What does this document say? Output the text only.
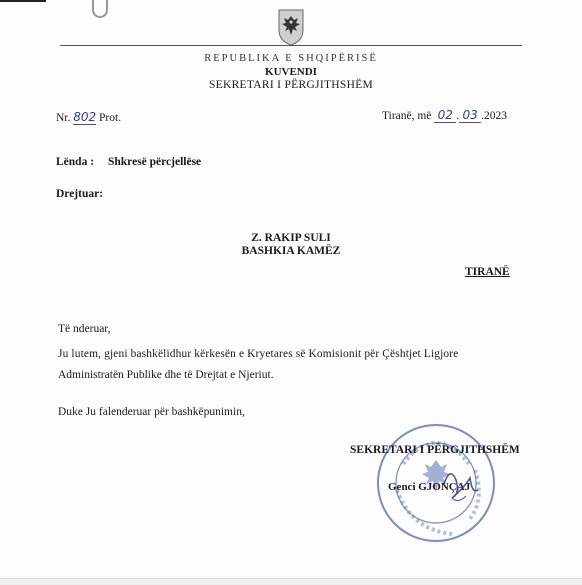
REPUBLIKA E SHQIPËRISË
KUVENDI
SEKRETARI I PËRGJITHSHËM
Nr. 802 Prot.	Tiranë, më 02 . 03 .2023
Lënda : Shkresë përcjellëse
Drejtuar:
Z. RAKIP SULI
BASHKIA KAMËZ
TIRANË
Të nderuar,
Ju lutem, gjeni bashkëlidhur kërkesën e Kryetares së Komisionit për Çështjet Ligjore
Administratën Publike dhe të Drejtat e Njeriut.
Duke Ju falenderuar për bashkëpunimin,
SEKRETARI I PËRGJITHSHËM
Genci GJONÇAJ
